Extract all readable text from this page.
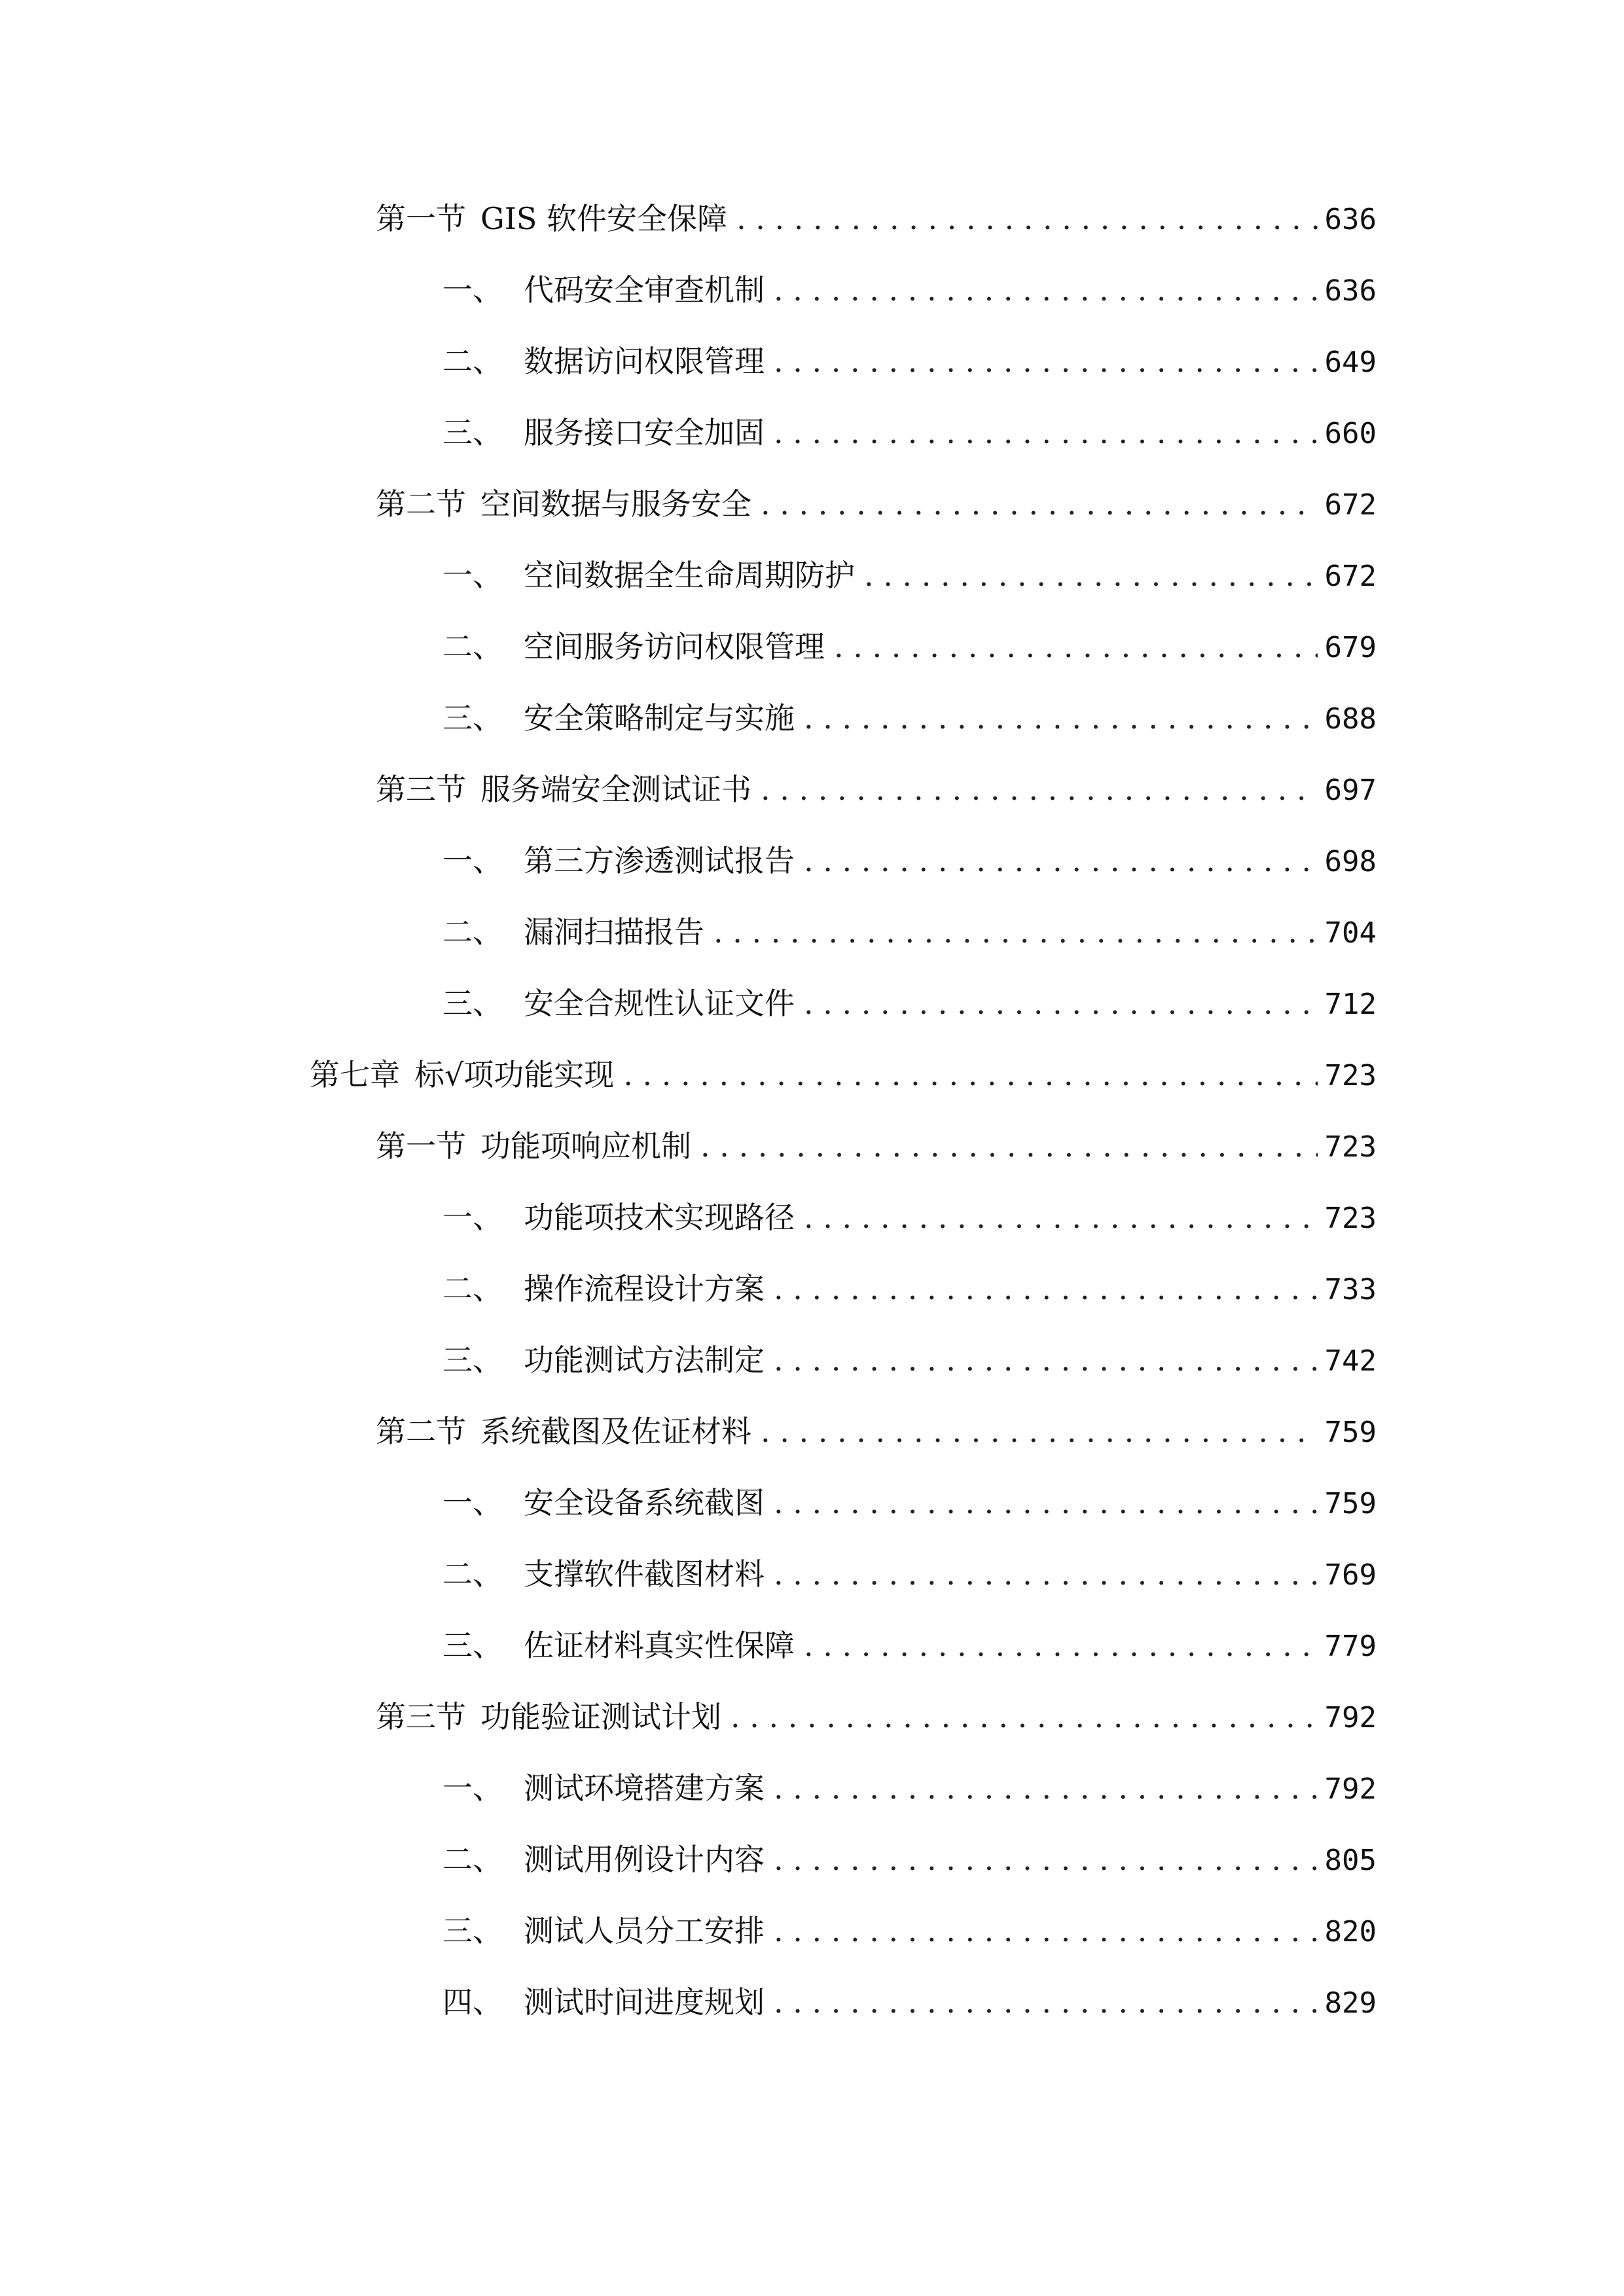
第一节 GIS 软件安全保障 . . .	636
一、 代码安全审查机制 . . .	636
二、 数据访问权限管理 . . .	649
三、 服务接口安全加固 . . .	660
第二节 空间数据与服务安全 . . .	672
一、 空间数据全生命周期防护 . . .	672
二、 空间服务访问权限管理 . . .	679
三、 安全策略制定与实施 . . .	688
第三节 服务端安全测试证书 . . .	697
一、 第三方渗透测试报告 . . .	698
二、 漏洞扫描报告 . . .	704
三、 安全合规性认证文件 . . .	712
第七章 标√项功能实现 . . .	723
第一节 功能项响应机制 . . .	723
一、 功能项技术实现路径 . . .	723
二、 操作流程设计方案 . . .	733
三、 功能测试方法制定 . . .	742
第二节 系统截图及佐证材料 . . .	759
一、 安全设备系统截图 . . .	759
二、 支撑软件截图材料 . . .	769
三、 佐证材料真实性保障 . . .	779
第三节 功能验证测试计划 . . .	792
一、 测试环境搭建方案 . . .	792
二、 测试用例设计内容 . . .	805
三、 测试人员分工安排 . . .	820
四、 测试时间进度规划 . . .	829
